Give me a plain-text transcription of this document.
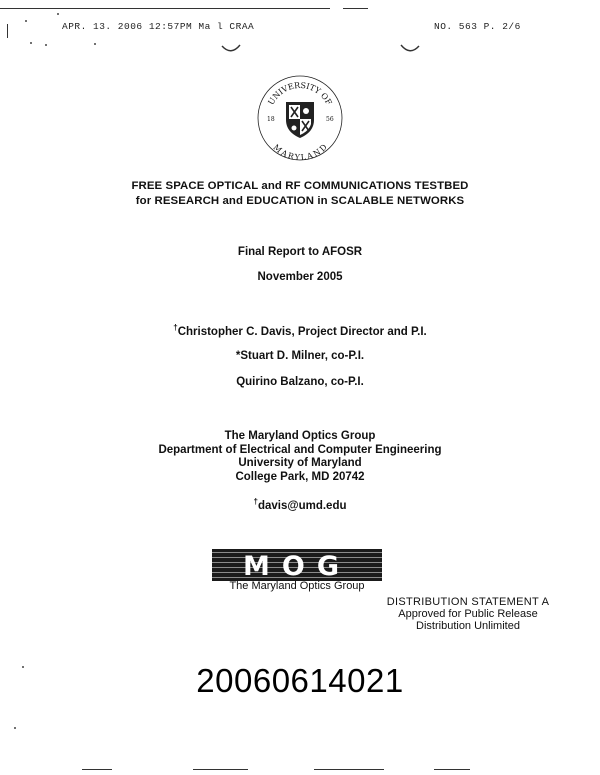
APR. 13. 2006 12:57PM Ma l CRAA	NO. 563 P. 2/6
UNIVERSITY OF
MARYLAND
18	56
FREE SPACE OPTICAL and RF COMMUNICATIONS TESTBED
for RESEARCH and EDUCATION in SCALABLE NETWORKS
Final Report to AFOSR
November 2005
†Christopher C. Davis, Project Director and P.I.
*Stuart D. Milner, co-P.I.
Quirino Balzano, co-P.I.
The Maryland Optics Group
Department of Electrical and Computer Engineering
University of Maryland
College Park, MD 20742
†davis@umd.edu
MOG
The Maryland Optics Group
DISTRIBUTION STATEMENT A
Approved for Public Release
Distribution Unlimited
20060614021
